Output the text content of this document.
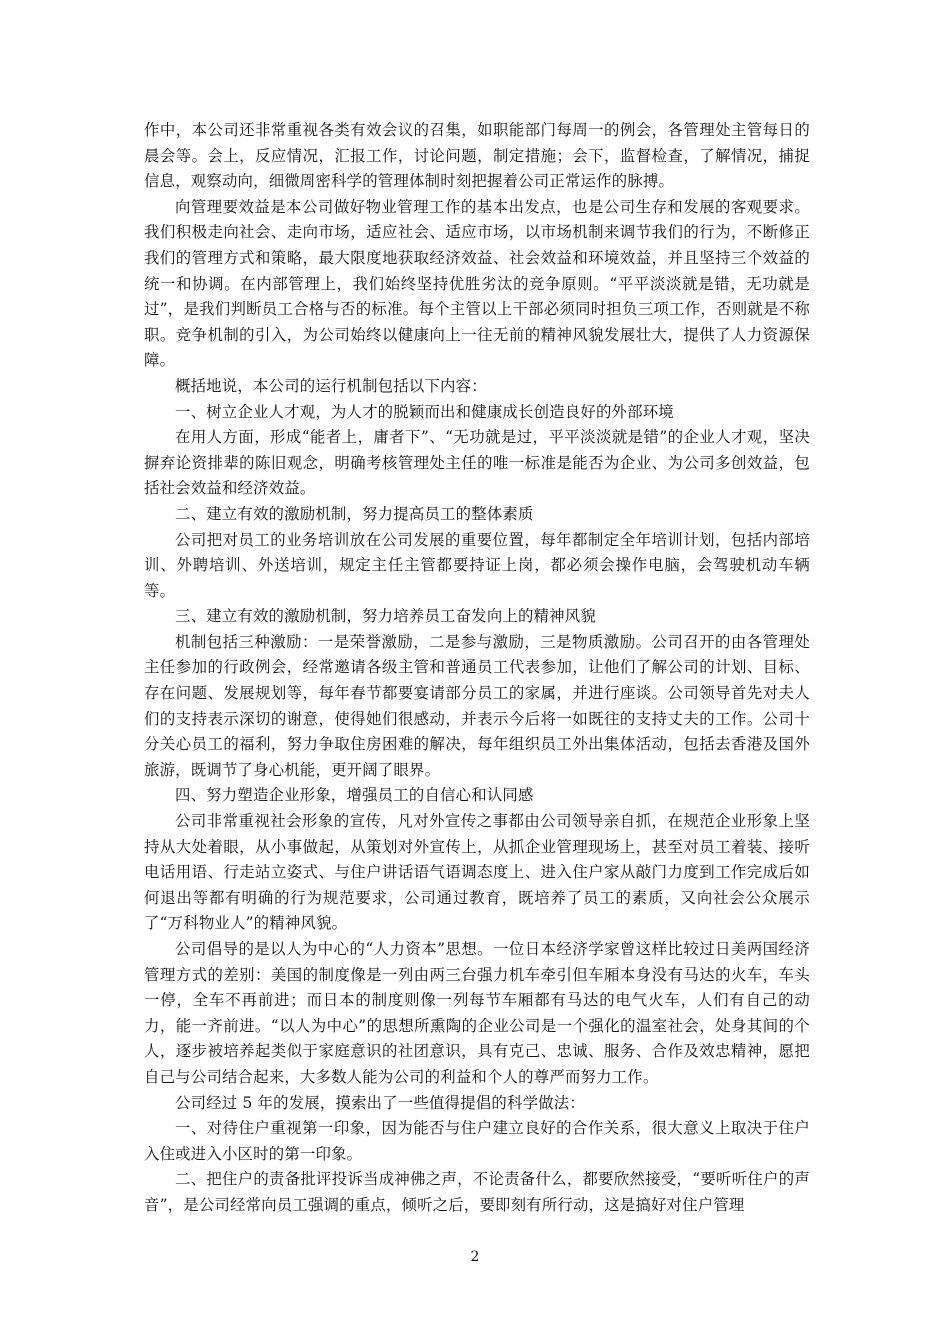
作中，本公司还非常重视各类有效会议的召集，如职能部门每周一的例会，各管理处主管每日的晨会等。会上，反应情况，汇报工作，讨论问题，制定措施；会下，监督检查，了解情况，捕捉信息，观察动向，细微周密科学的管理体制时刻把握着公司正常运作的脉搏。

向管理要效益是本公司做好物业管理工作的基本出发点，也是公司生存和发展的客观要求。我们积极走向社会、走向市场，适应社会、适应市场，以市场机制来调节我们的行为，不断修正我们的管理方式和策略，最大限度地获取经济效益、社会效益和环境效益，并且坚持三个效益的统一和协调。在内部管理上，我们始终坚持优胜劣汰的竞争原则。“平平淡淡就是错，无功就是过”，是我们判断员工合格与否的标准。每个主管以上干部必须同时担负三项工作，否则就是不称职。竞争机制的引入，为公司始终以健康向上一往无前的精神风貌发展壮大，提供了人力资源保障。

概括地说，本公司的运行机制包括以下内容：

一、树立企业人才观，为人才的脱颖而出和健康成长创造良好的外部环境

在用人方面，形成“能者上，庸者下”、“无功就是过，平平淡淡就是错”的企业人才观，坚决摒弃论资排辈的陈旧观念，明确考核管理处主任的唯一标准是能否为企业、为公司多创效益，包括社会效益和经济效益。

二、建立有效的激励机制，努力提高员工的整体素质

公司把对员工的业务培训放在公司发展的重要位置，每年都制定全年培训计划，包括内部培训、外聘培训、外送培训，规定主任主管都要持证上岗，都必须会操作电脑，会驾驶机动车辆等。

三、建立有效的激励机制，努力培养员工奋发向上的精神风貌

机制包括三种激励：一是荣誉激励，二是参与激励，三是物质激励。公司召开的由各管理处主任参加的行政例会，经常邀请各级主管和普通员工代表参加，让他们了解公司的计划、目标、存在问题、发展规划等，每年春节都要宴请部分员工的家属，并进行座谈。公司领导首先对夫人们的支持表示深切的谢意，使得她们很感动，并表示今后将一如既往的支持丈夫的工作。公司十分关心员工的福利，努力争取住房困难的解决，每年组织员工外出集体活动，包括去香港及国外旅游，既调节了身心机能，更开阔了眼界。

四、努力塑造企业形象，增强员工的自信心和认同感

公司非常重视社会形象的宣传，凡对外宣传之事都由公司领导亲自抓，在规范企业形象上坚持从大处着眼，从小事做起，从策划对外宣传上，从抓企业管理现场上，甚至对员工着装、接听电话用语、行走站立姿式、与住户讲话语气语调态度上、进入住户家从敲门力度到工作完成后如何退出等都有明确的行为规范要求，公司通过教育，既培养了员工的素质，又向社会公众展示了“万科物业人”的精神风貌。

公司倡导的是以人为中心的“人力资本”思想。一位日本经济学家曾这样比较过日美两国经济管理方式的差别：美国的制度像是一列由两三台强力机车牵引但车厢本身没有马达的火车，车头一停，全车不再前进；而日本的制度则像一列每节车厢都有马达的电气火车，人们有自己的动力，能一齐前进。“以人为中心”的思想所熏陶的企业公司是一个强化的温室社会，处身其间的个人，逐步被培养起类似于家庭意识的社团意识，具有克己、忠诚、服务、合作及效忠精神，愿把自己与公司结合起来，大多数人能为公司的利益和个人的尊严而努力工作。

公司经过 5 年的发展，摸索出了一些值得提倡的科学做法：

一、对待住户重视第一印象，因为能否与住户建立良好的合作关系，很大意义上取决于住户入住或进入小区时的第一印象。

二、把住户的责备批评投诉当成神佛之声，不论责备什么，都要欣然接受，“要听听住户的声音”，是公司经常向员工强调的重点，倾听之后，要即刻有所行动，这是搞好对住户管理

2
